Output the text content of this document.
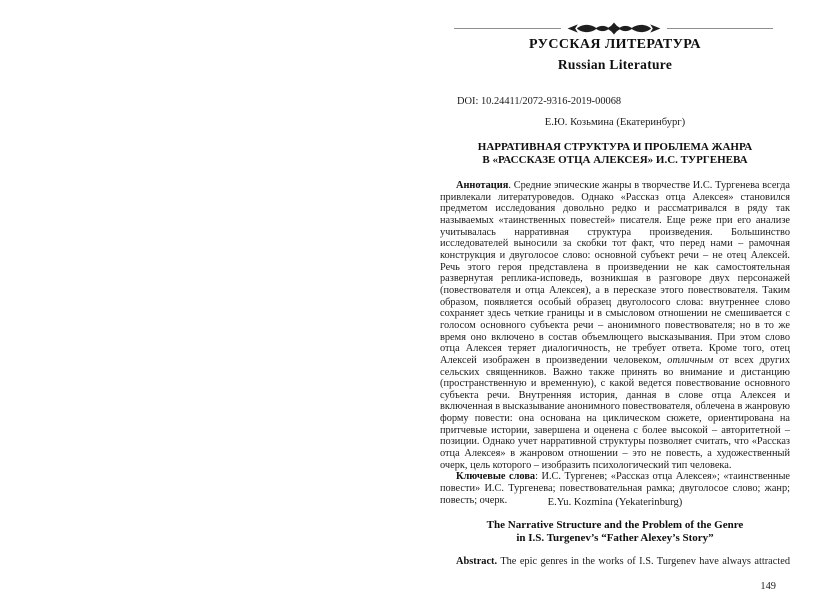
РУССКАЯ ЛИТЕРАТУРА
Russian Literature
DOI: 10.24411/2072-9316-2019-00068
Е.Ю. Козьмина (Екатеринбург)
НАРРАТИВНАЯ СТРУКТУРА И ПРОБЛЕМА ЖАНРА
В «РАССКАЗЕ ОТЦА АЛЕКСЕЯ» И.С. ТУРГЕНЕВА

Аннотация. Средние эпические жанры в творчестве И.С. Тургенева всегда привлекали литературоведов. Однако «Рассказ отца Алексея» становился предметом исследования довольно редко и рассматривался в ряду так называемых «таинственных повестей» писателя. Еще реже при его анализе учитывалась нарративная структура произведения. Большинство исследователей выносили за скобки тот факт, что перед нами – рамочная конструкция и двуголосое слово: основной субъект речи – не отец Алексей. Речь этого героя представлена в произведении не как самостоятельная развернутая реплика-исповедь, возникшая в разговоре двух персонажей (повествователя и отца Алексея), а в пересказе этого повествователя. Таким образом, появляется особый образец двуголосого слова: внутреннее слово сохраняет здесь четкие границы и в смысловом отношении не смешивается с голосом основного субъекта речи – анонимного повествователя; но в то же время оно включено в состав объемлющего высказывания. При этом слово отца Алексея теряет диалогичность, не требует ответа. Кроме того, отец Алексей изображен в произведении человеком, отличным от всех других сельских священников. Важно также принять во внимание и дистанцию (пространственную и временную), с какой ведется повествование основного субъекта речи. Внутренняя история, данная в слове отца Алексея и включенная в высказывание анонимного повествователя, облечена в жанровую форму повести: она основана на циклическом сюжете, ориентирована на притчевые истории, завершена и оценена с более высокой – авторитетной – позиции. Однако учет нарративной структуры позволяет считать, что «Рассказ отца Алексея» в жанровом отношении – это не повесть, а художественный очерк, цель которого – изобразить психологический тип человека.

Ключевые слова: И.С. Тургенев; «Рассказ отца Алексея»; «таинственные повести» И.С. Тургенева; повествовательная рамка; двуголосое слово; жанр; повесть; очерк.	E.Yu. Kozmina (Yekaterinburg)
The Narrative Structure and the Problem of the Genre
in I.S. Turgenev’s “Father Alexey’s Story”

Abstract. The epic genres in the works of I.S. Turgenev have always attracted

149
